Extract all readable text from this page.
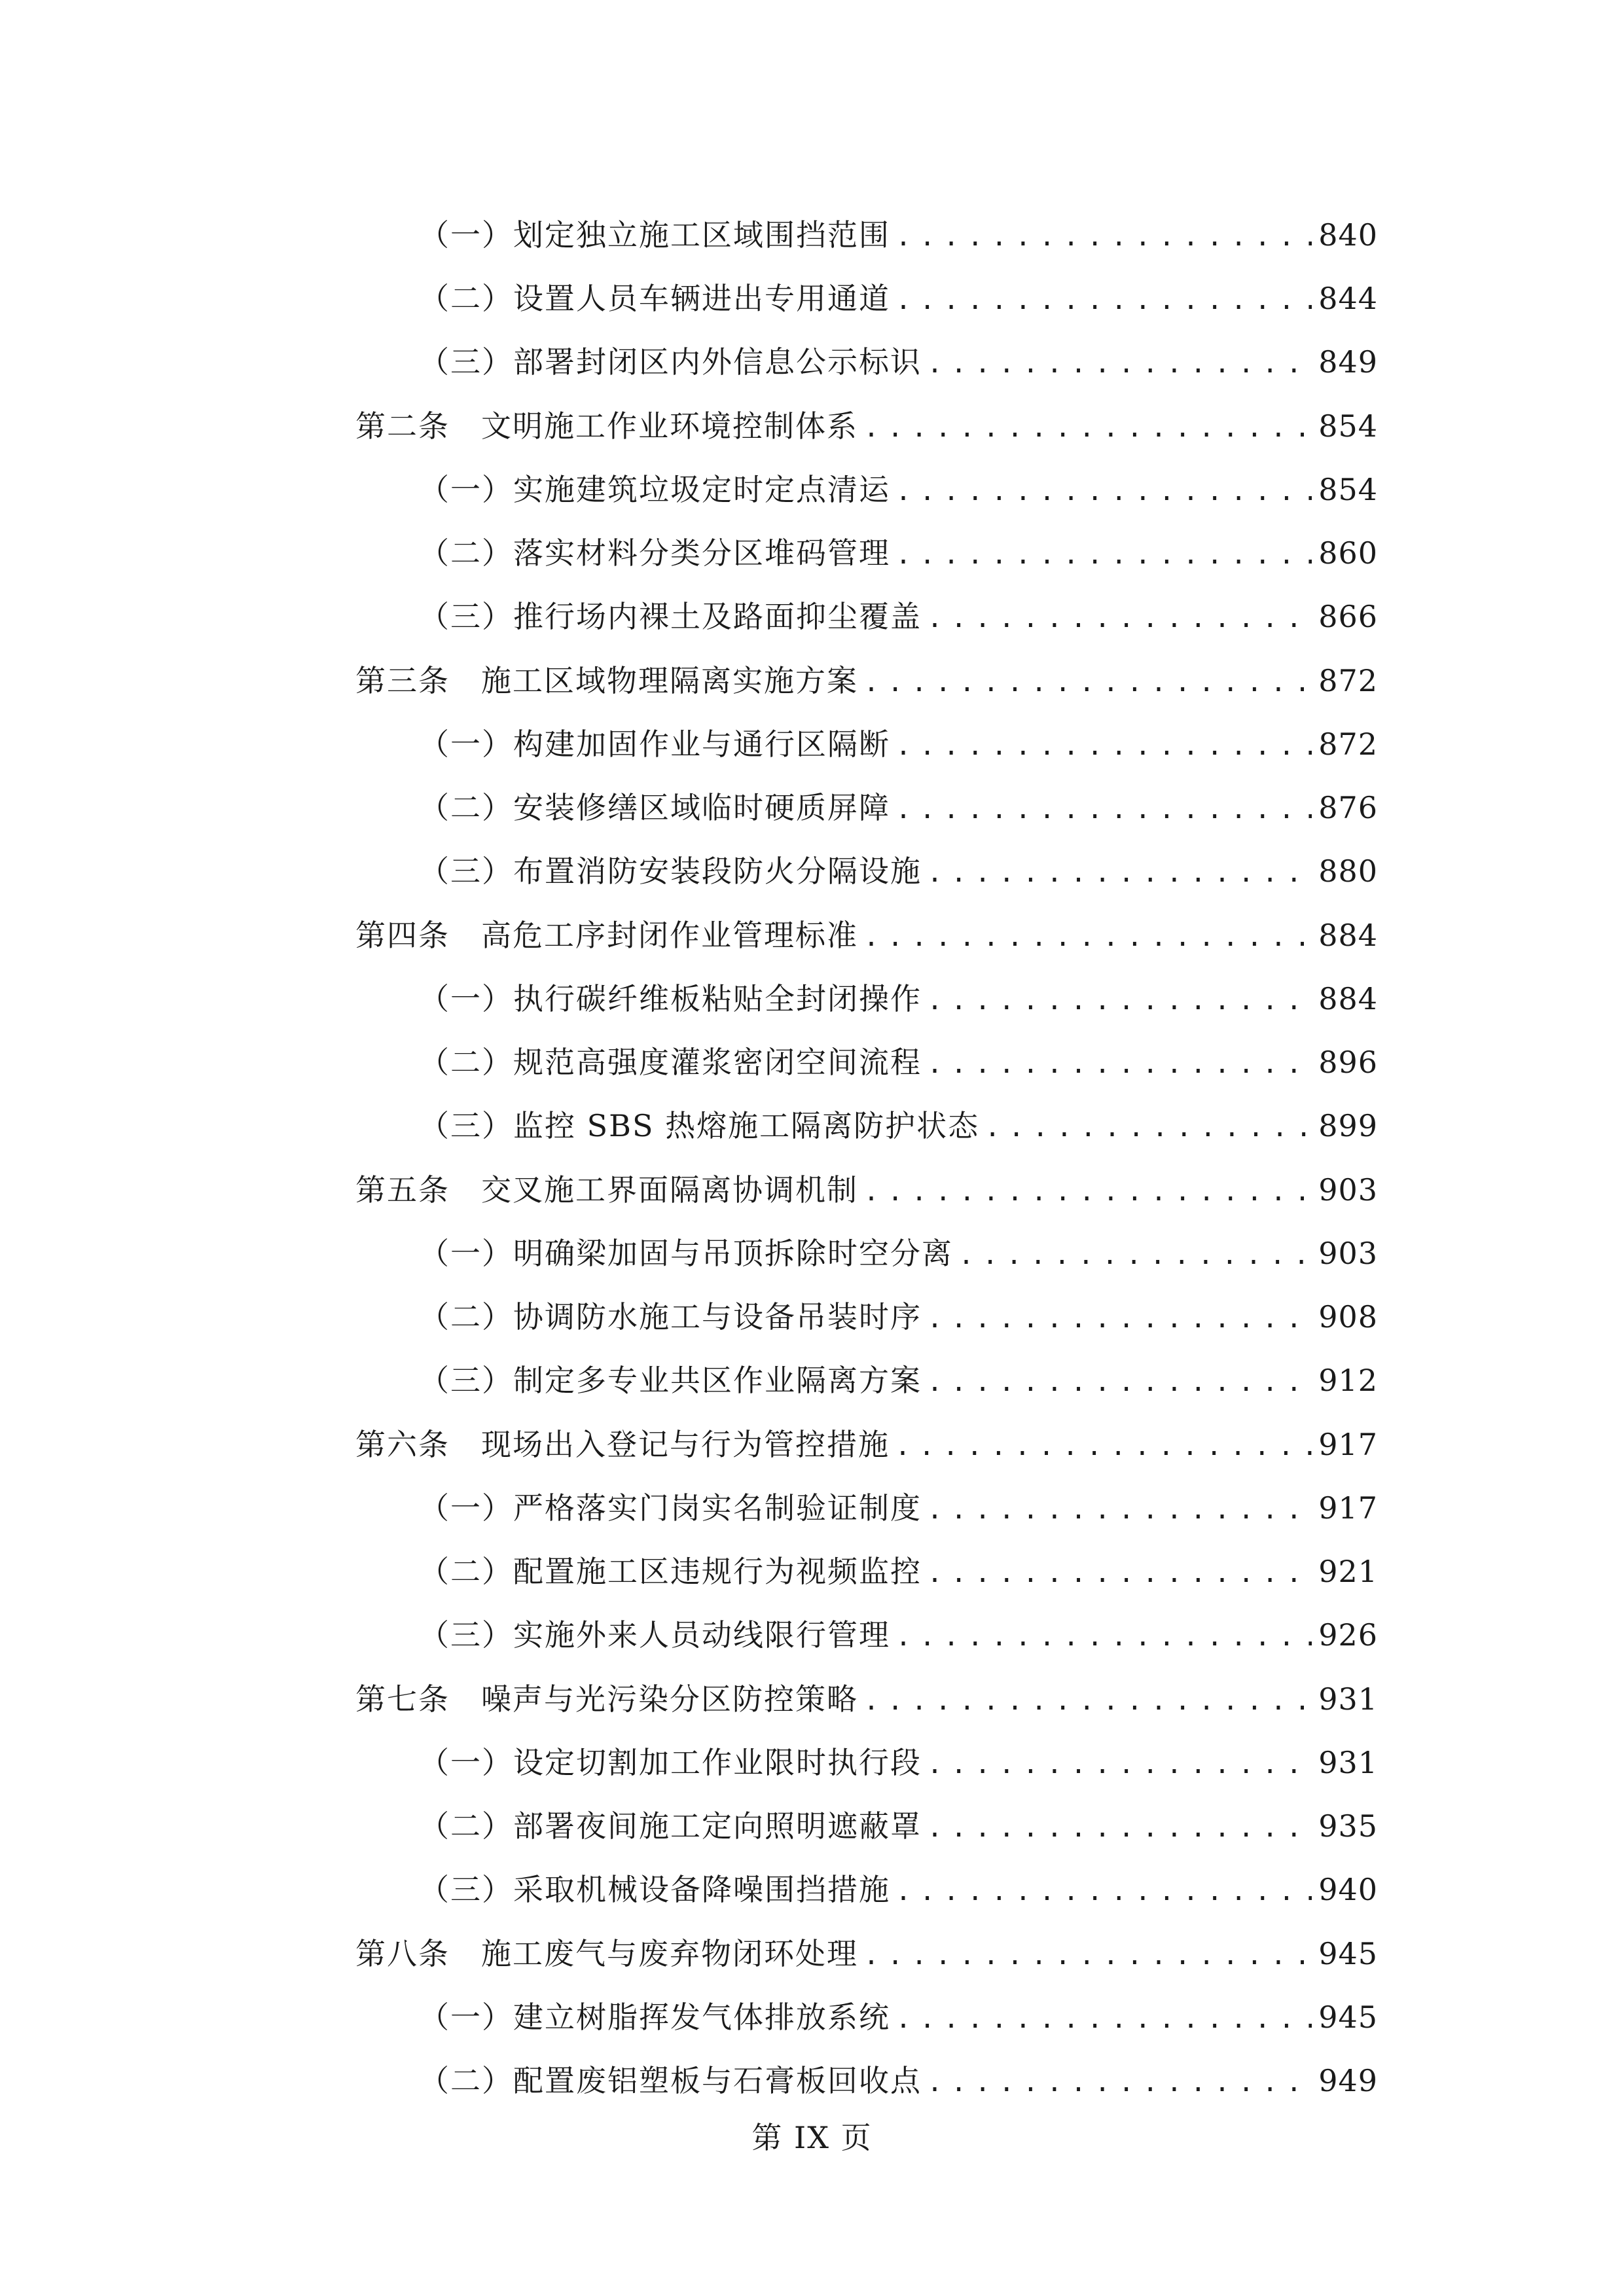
（一）划定独立施工区域围挡范围 .....	840
（二）设置人员车辆进出专用通道 .....	844
（三）部署封闭区内外信息公示标识 .....	849
第二条　文明施工作业环境控制体系 .....	854
（一）实施建筑垃圾定时定点清运 .....	854
（二）落实材料分类分区堆码管理 .....	860
（三）推行场内裸土及路面抑尘覆盖 .....	866
第三条　施工区域物理隔离实施方案 .....	872
（一）构建加固作业与通行区隔断 .....	872
（二）安装修缮区域临时硬质屏障 .....	876
（三）布置消防安装段防火分隔设施 .....	880
第四条　高危工序封闭作业管理标准 .....	884
（一）执行碳纤维板粘贴全封闭操作 .....	884
（二）规范高强度灌浆密闭空间流程 .....	896
（三）监控 SBS 热熔施工隔离防护状态 .....	899
第五条　交叉施工界面隔离协调机制 .....	903
（一）明确梁加固与吊顶拆除时空分离 .....	903
（二）协调防水施工与设备吊装时序 .....	908
（三）制定多专业共区作业隔离方案 .....	912
第六条　现场出入登记与行为管控措施 .....	917
（一）严格落实门岗实名制验证制度 .....	917
（二）配置施工区违规行为视频监控 .....	921
（三）实施外来人员动线限行管理 .....	926
第七条　噪声与光污染分区防控策略 .....	931
（一）设定切割加工作业限时执行段 .....	931
（二）部署夜间施工定向照明遮蔽罩 .....	935
（三）采取机械设备降噪围挡措施 .....	940
第八条　施工废气与废弃物闭环处理 .....	945
（一）建立树脂挥发气体排放系统 .....	945
（二）配置废铝塑板与石膏板回收点 .....	949
第 IX 页
